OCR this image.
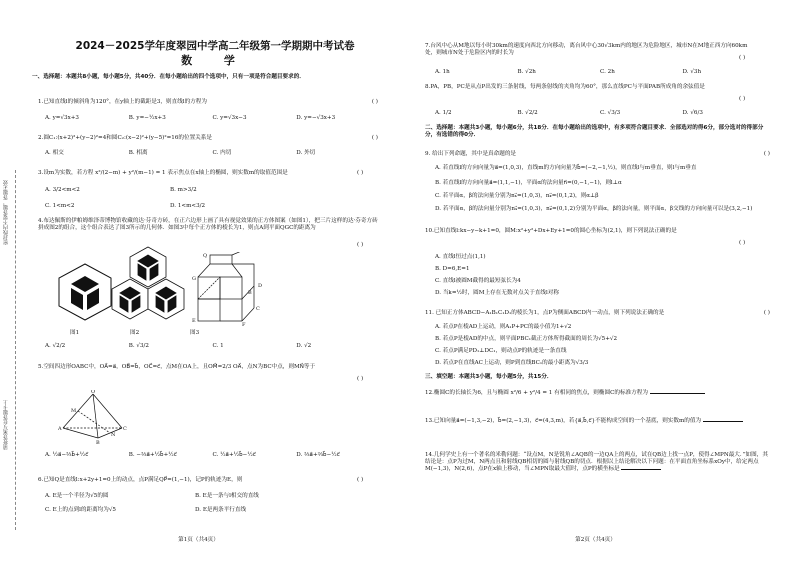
密封线内不要答题，答题无效
请将答案写在答题卡上
2024－2025学年度翠园中学高二年级第一学期期中考试卷
数 学
一、选择题：本题共8小题，每小题5分，共40分．在每小题给出的四个选项中，只有一项是符合题目要求的．
1.已知直线l的倾斜角为120°，在y轴上的截距是3，则直线l的方程为	( )
A. y=√3x+3	B. y=−½x+3	C. y=√3x−3	D. y=−√3x+3
2.圆C₁:(x+2)²+(y−2)²=4和圆C₂:(x−2)²+(y−5)²=16的位置关系是	( )
A. 相交	B. 相离	C. 内切	D. 外切
3.设m为实数，若方程 x²/(2−m) + y²/(m−1) = 1 表示焦点在x轴上的椭圆，则实数m的取值范围是	( )
A. 3/2<m<2	B. m>3/2
C. 1<m<2	D. 1<m<3/2
4.布达佩斯的伊帕姆维泽蒂博物馆收藏的达·芬奇方砖，在正六边形上画了具有视觉效果的正方体图案（如图1），把三片这样的达·芬奇方砖拼成图2的组合，这个组合表达了图3所示的几何体．如图3中每个正方体的棱长为1，则点A到平面QGC的距离为
( )
Q
G
B
C
E
F
D
图1	图2	图3
A. √2/2	B. √3/2	C. 1	D. √2
5.空间四边形OABC中，OA⃗=a⃗，OB⃗=b⃗，OC⃗=c⃗，点M在OA上，且OM⃗=2/3 OA⃗，点N为BC中点，则MN⃗等于
( )
O
A	C
B
M
N
A. ½a⃗−⅔b⃗+½c⃗	B. −⅔a⃗+½b⃗+½c⃗	C. ½a⃗+½b⃗−½c⃗	D. ⅔a⃗+⅔b⃗−½c⃗
6.已知Q是直线l:x+2y+1=0上的动点，点P满足QP⃗=(1,−1)，记P的轨迹为E，则	( )
A. E是一个半径为√5的圆	B. E是一条与l相交的直线
C. E上的点到l的距离均为√5	D. E是两条平行直线
第1页（共4页）
7.台风中心从M地以每小时30km的速度向西北方向移动，离台风中心30√3km内的地区为危险地区，城市N在M地正西方向60km处，则城市N处于危险区内的时长为
( )
A. 1h	B. √2h	C. 2h	D. √3h
8.PA，PB，PC是从点P出发的三条射线，每两条射线的夹角均为60°，那么直线PC与平面PAB所成角的余弦值是
( )
A. 1/2	B. √2/2	C. √3/3	D. √6/3
二、选择题：本题共3小题，每小题6分，共18分．在每小题给出的选项中，有多项符合题目要求．全部选对的得6分，部分选对的得部分分，有选错的得0分．
9. 给出下列命题，其中是真命题的是	( )
A. 若直线l的方向向量为a⃗=(1,0,3)，直线m的方向向量为b⃗=(−2,−1,½)，则直线l与m垂直，则l与m垂直
B. 若直线l的方向向量a⃗=(1,1,−1)，平面α的法向量n⃗=(0,−1,−1)，则l⊥α
C. 若平面α，β的法向量分别为n₁⃗=(1,0,3)，n₂⃗=(0,1,2)，则α⊥β
D. 若平面α，β的法向量分别为n₁⃗=(1,0,3)，n₂⃗=(0,1,2)分别为平面α，β的法向量，则平面α，β交线的方向向量可以是(3,2,−1)
10.已知直线l:kx−y−k+1=0，圆M:x²+y²+Dx+Ey+1=0的圆心坐标为(2,1)，则下列说法正确的是
( )
A. 直线l恒过点(1,1)
B. D=6,E=1
C. 直线l被圆M截得的最短弦长为4
D. 当k=½时，圆M上存在无数对点关于直线l对称
11. 已知正方体ABCD−A₁B₁C₁D₁的棱长为1，点P为侧面ABCD内一动点，则下列说法正确的是	( )
A. 若点P在棱AD上运动，则A₁P+PC的最小值为1+√2
B. 若点P是棱AD的中点，则平面PBC₁截正方体所得截面的周长为√5+√2
C. 若点P满足PD₁⊥DC₁，则动点P的轨迹是一条直线
D. 若点P在直线AC上运动，则P到直线BC₁的最小距离为√3/3
三、填空题：本题共3小题，每小题5分，共15分．
12.椭圆C的长轴长为6，且与椭圆 x²/6 + y²/4 = 1 有相同的焦点，则椭圆C的标准方程为
13.已知向量a⃗=(−1,3,−2)，b⃗=(2,−1,3)，c⃗=(4,3,m)，若{a⃗,b⃗,c⃗}不能构成空间的一个基底，则实数m的值为
14.几何学史上有一个著名的米勒问题：“设点M，N是锐角∠AQB的一边QA上的两点，试在QB边上找一点P，使得∠MPN最大．”如图，其结论是：点P为过M，N两点且和射线QB相切的圆与射线QB的切点．根据以上结论解决以下问题：在平面直角坐标系xOy中，给定两点M(−1,3)，N(2,6)，点P在x轴上移动，当∠MPN取最大值时，点P的横坐标是
第2页（共4页）
